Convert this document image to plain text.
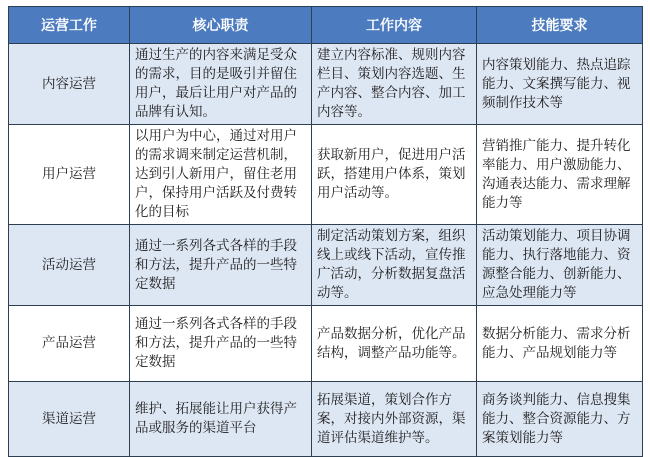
运营工作	核心职责	工作内容	技能要求
内容运营	通过生产的内容来满足受众的需求，目的是吸引并留住用户，最后让用户对产品的品牌有认知。	建立内容标准、规则内容栏目、策划内容选题、生产内容、整合内容、加工内容等。	内容策划能力、热点追踪能力、文案撰写能力、视频制作技术等
用户运营	以用户为中心，通过对用户的需求调来制定运营机制，达到引人新用户，留住老用户，保持用户活跃及付费转化的目标	获取新用户，促进用户活跃，搭建用户体系，策划用户活动等。	营销推广能力、提升转化率能力、用户激励能力、沟通表达能力、需求理解能力等
活动运营	通过一系列各式各样的手段和方法，提升产品的一些特定数据	制定活动策划方案，组织线上或线下活动，宣传推广活动，分析数据复盘活动等。	活动策划能力、项目协调能力、执行落地能力、资源整合能力、创新能力、应急处理能力等
产品运营	通过一系列各式各样的手段和方法，提升产品的一些特定数据	产品数据分析，优化产品结构，调整产品功能等。	数据分析能力、需求分析能力、产品规划能力等
渠道运营	维护、拓展能让用户获得产品或服务的渠道平台	拓展渠道，策划合作方案，对接内外部资源，渠道评估渠道维护等。	商务谈判能力、信息搜集能力、整合资源能力、方案策划能力等
